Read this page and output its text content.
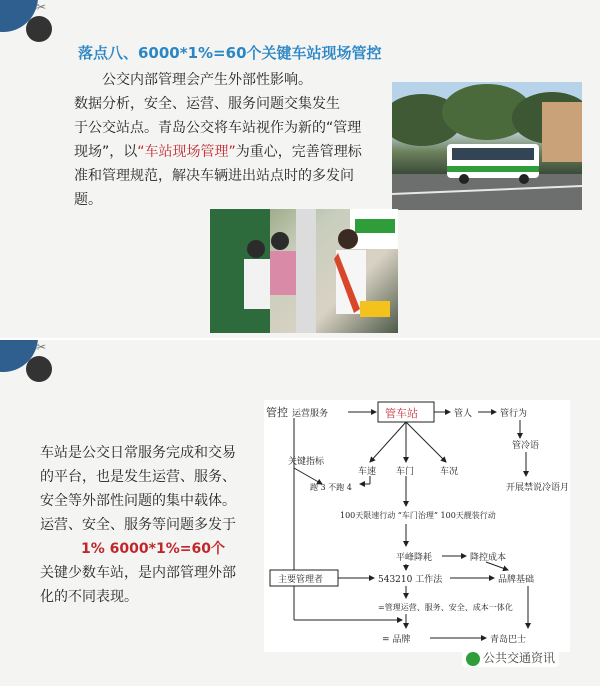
✂
落点八、6000*1%=60个关键车站现场管控
公交内部管理会产生外部性影响。
数据分析，安全、运营、服务问题交集发生
于公交站点。青岛公交将车站视作为新的“管理
现场”，以“车站现场管理”为重心，完善管理标
准和管理规范，解决车辆进出站点时的多发问
题。
✂
车站是公交日常服务完成和交易
的平台，也是发生运营、服务、
安全等外部性问题的集中载体。
运营、安全、服务等问题多发于
1% 6000*1%=60个
关键少数车站，是内部管理外部
化的不同表现。
管控 运营服务	管车站	管人	管行为
管冷语
开展禁说冷语月
关键指标
车速 车门	车况
跑 3 不跑 4
100天限速行动 “车门治理” 100天靓装行动
平峰降耗	降控成本
主要管理者	543210 工作法	品牌基础
=管理运营、服务、安全、成本一体化
= 品牌	青岛巴士
公共交通资讯
